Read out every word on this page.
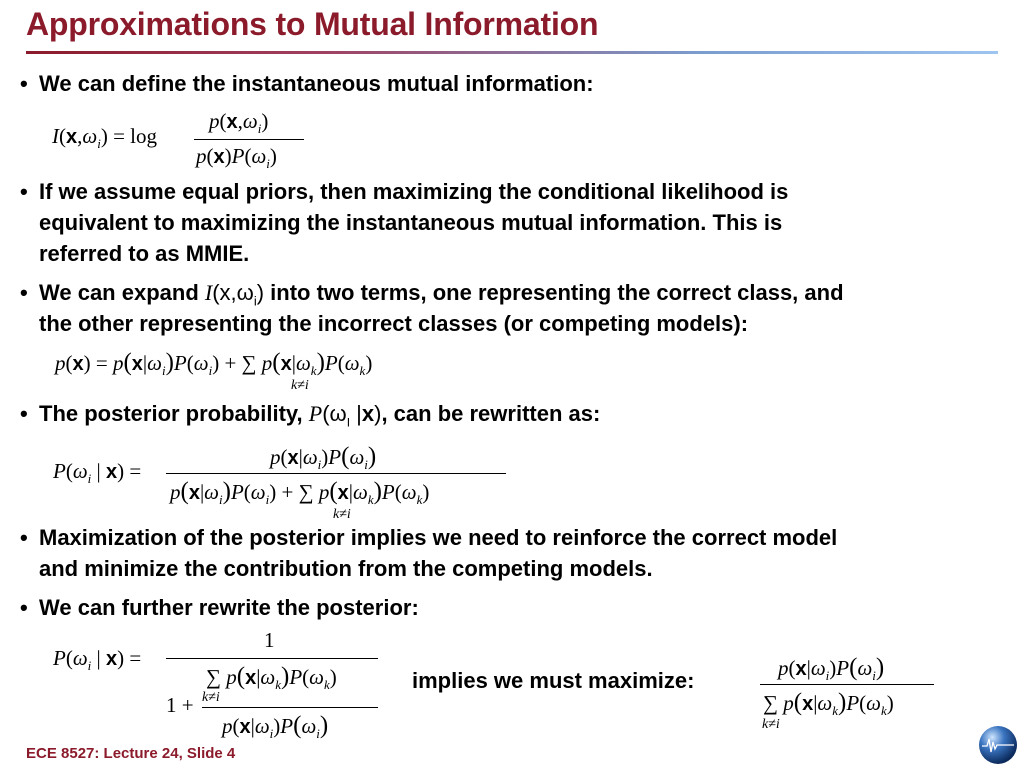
Approximations to Mutual Information
• We can define the instantaneous mutual information:
$I(x,\omega_i) = \log$
$p(x,\omega_i)$
$p(x)P(\omega_i)$
• If we assume equal priors, then maximizing the conditional likelihood is
equivalent to maximizing the instantaneous mutual information. This is
referred to as MMIE.
• We can expand $I(x,\omega_i)$ into two terms, one representing the correct class, and
the other representing the incorrect classes (or competing models):
$p(x) = p(x|\omega_i)P(\omega_i)$ + ∑ $p(x|\omega_k)P(\omega_k)$
k≠i
• The posterior probability, $P(\omega_I$ |x), can be rewritten as:
$P(\omega_i$ | x) =
$p(x|\omega_i)P(\omega_i)$
$p(x|\omega_i)P(\omega_i)$ + ∑ $p(x|\omega_k)P(\omega_k)$
k≠i
• Maximization of the posterior implies we need to reinforce the correct model
and minimize the contribution from the competing models.
• We can further rewrite the posterior:
$P(\omega_i$ | x) =
1
∑ $p(x|\omega_k)P(\omega_k)$
k≠i
1 +
$p(x|\omega_i)P(\omega_i)$
implies we must maximize:	$p(x|\omega_i)P(\omega_i)$
∑ $p(x|\omega_k)P(\omega_k)$
k≠i
ECE 8527: Lecture 24, Slide 4
